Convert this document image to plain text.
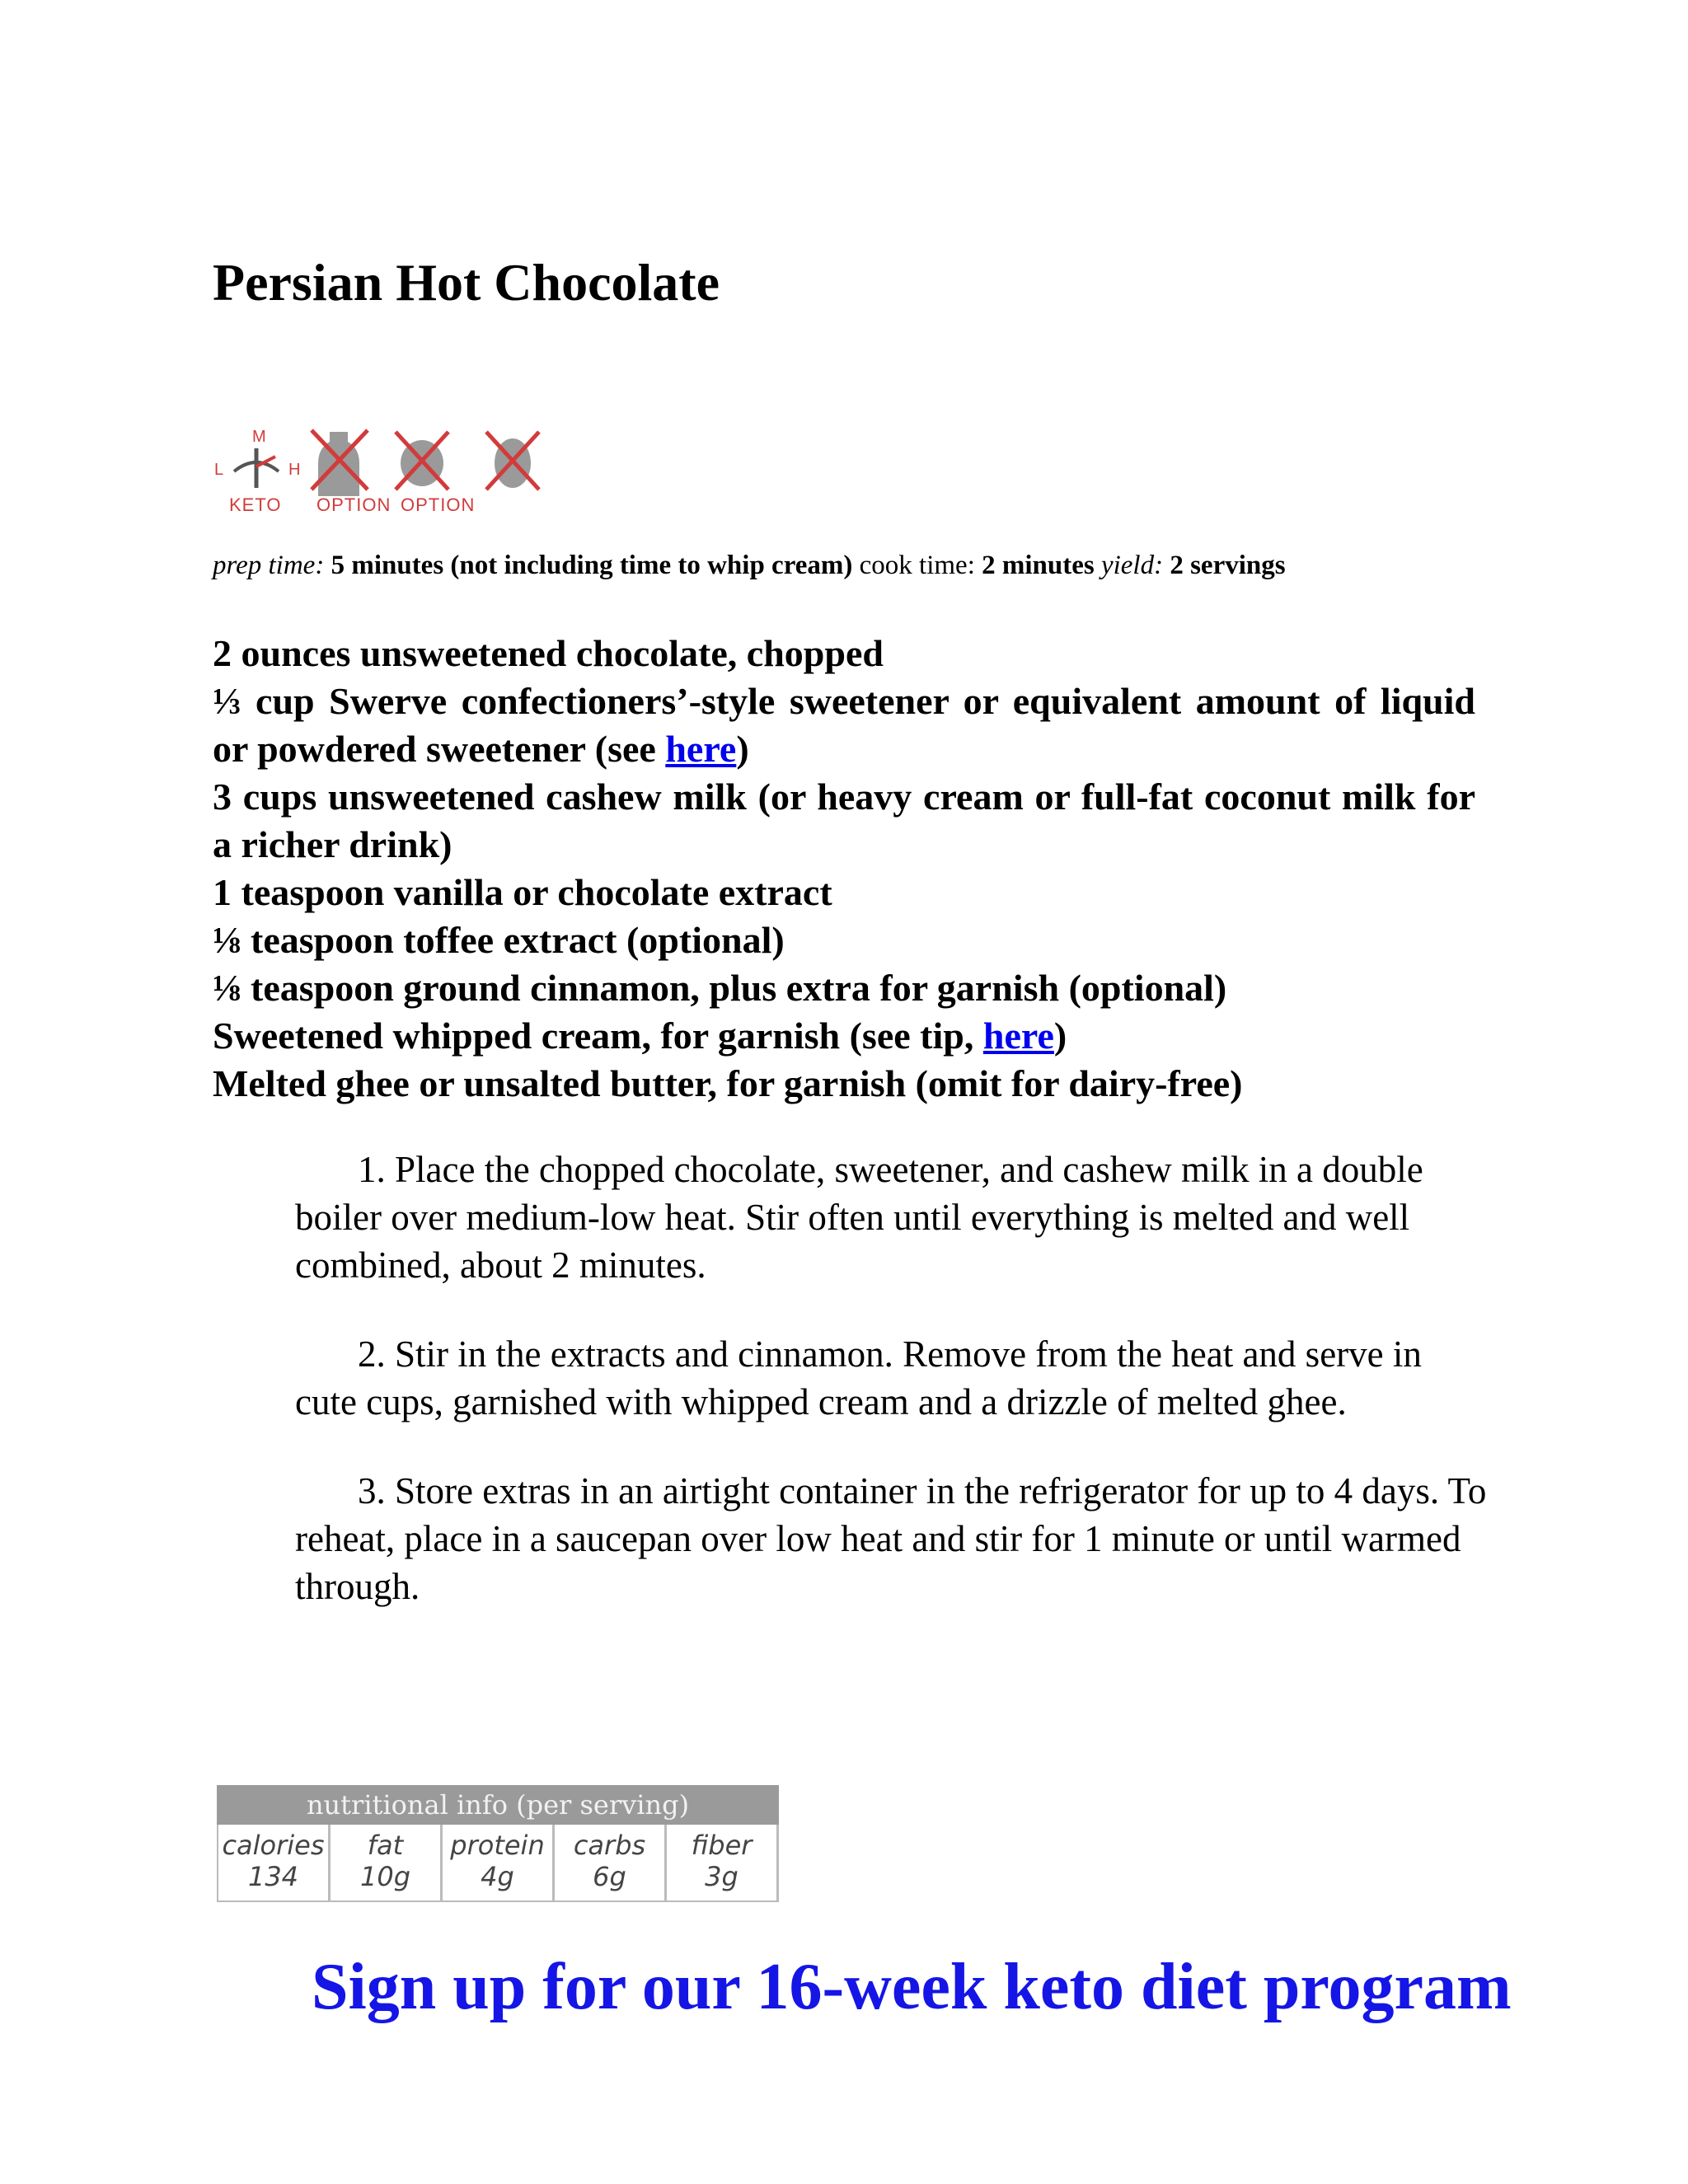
Persian Hot Chocolate
M
L	H
KETO OPTION OPTION
prep time: 5 minutes (not including time to whip cream) cook time: 2 minutes yield: 2 servings
2 ounces unsweetened chocolate, chopped
⅓ cup Swerve confectioners’-style sweetener or equivalent amount of liquid or powdered sweetener (see here)
3 cups unsweetened cashew milk (or heavy cream or full-fat coconut milk for a richer drink)
1 teaspoon vanilla or chocolate extract
⅛ teaspoon toffee extract (optional)
⅛ teaspoon ground cinnamon, plus extra for garnish (optional)
Sweetened whipped cream, for garnish (see tip, here)
Melted ghee or unsalted butter, for garnish (omit for dairy-free)

1. Place the chopped chocolate, sweetener, and cashew milk in a double boiler over medium-low heat. Stir often until everything is melted and well combined, about 2 minutes.

2. Stir in the extracts and cinnamon. Remove from the heat and serve in cute cups, garnished with whipped cream and a drizzle of melted ghee.

3. Store extras in an airtight container in the refrigerator for up to 4 days. To reheat, place in a saucepan over low heat and stir for 1 minute or until warmed through.

nutritional info (per serving)
calories
134
fat
10g
protein
4g
carbs
6g
fiber
3g
Sign up for our 16-week keto diet program
